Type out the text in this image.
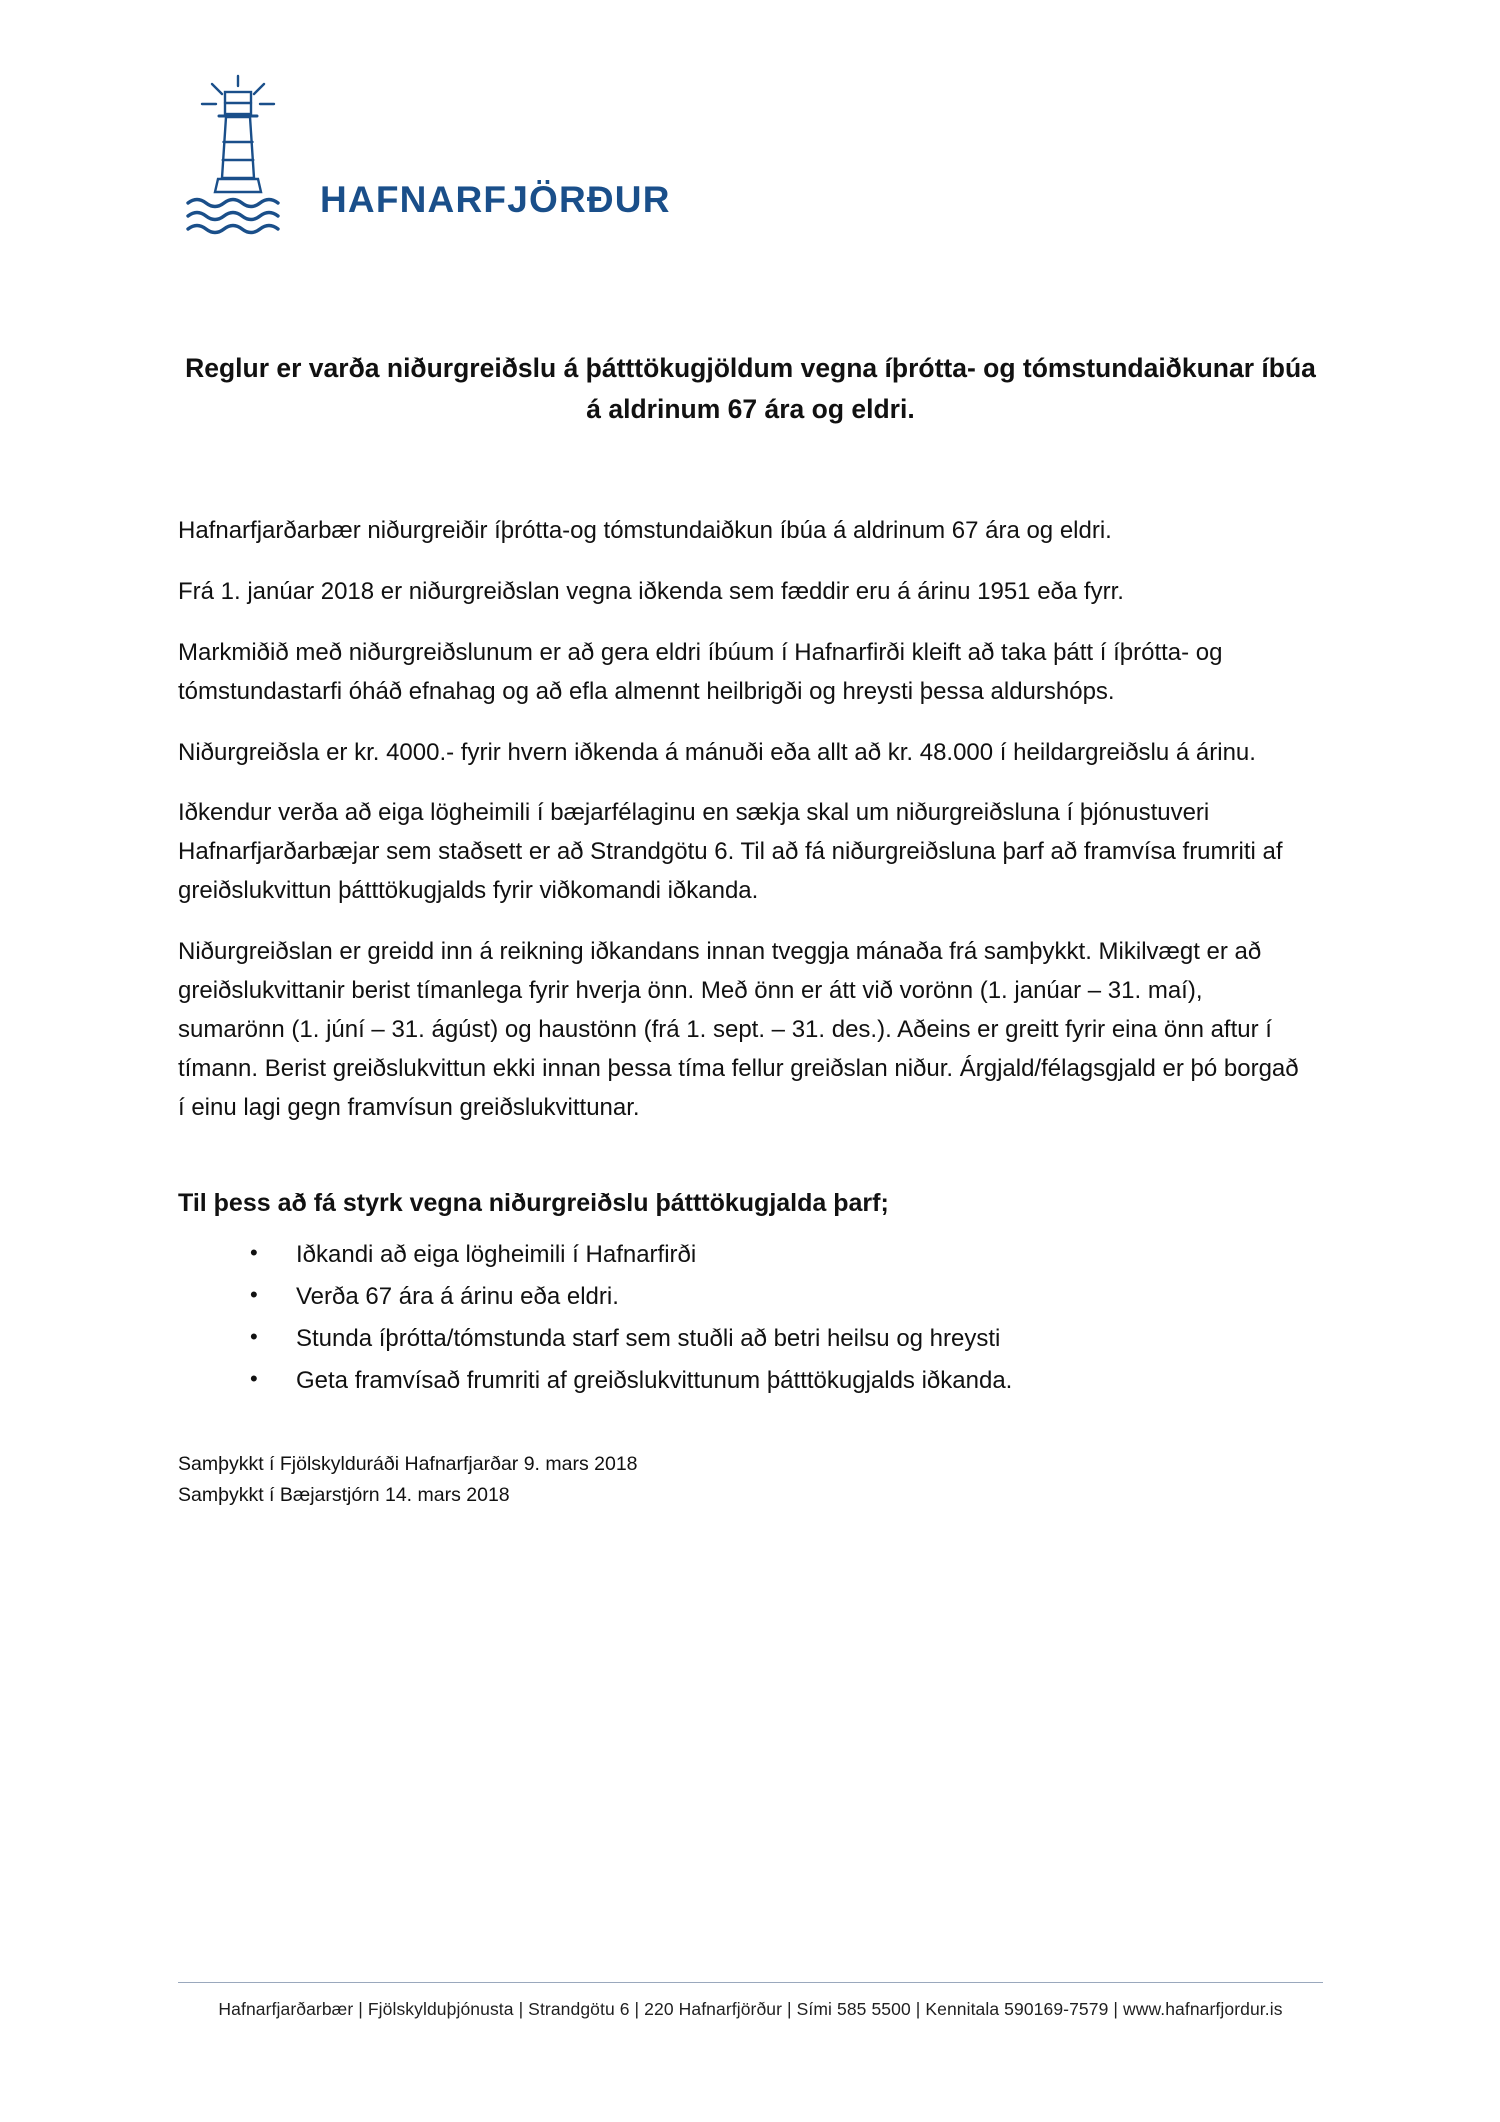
HAFNARFJÖRÐUR
Reglur er varða niðurgreiðslu á þátttökugjöldum vegna íþrótta- og tómstundaiðkunar íbúa á aldrinum 67 ára og eldri.

Hafnarfjarðarbær niðurgreiðir íþrótta-og tómstundaiðkun íbúa á aldrinum 67 ára og eldri.

Frá 1. janúar 2018 er niðurgreiðslan vegna iðkenda sem fæddir eru á árinu 1951 eða fyrr.

Markmiðið með niðurgreiðslunum er að gera eldri íbúum í Hafnarfirði kleift að taka þátt í íþrótta- og tómstundastarfi óháð efnahag og að efla almennt heilbrigði og hreysti þessa aldurshóps.

Niðurgreiðsla er kr. 4000.- fyrir hvern iðkenda á mánuði eða allt að kr. 48.000 í heildargreiðslu á árinu.

Iðkendur verða að eiga lögheimili í bæjarfélaginu en sækja skal um niðurgreiðsluna í þjónustuveri Hafnarfjarðarbæjar sem staðsett er að Strandgötu 6. Til að fá niðurgreiðsluna þarf að framvísa frumriti af greiðslukvittun þátttökugjalds fyrir viðkomandi iðkanda.

Niðurgreiðslan er greidd inn á reikning iðkandans innan tveggja mánaða frá samþykkt. Mikilvægt er að greiðslukvittanir berist tímanlega fyrir hverja önn. Með önn er átt við vorönn (1. janúar – 31. maí), sumarönn (1. júní – 31. ágúst) og haustönn (frá 1. sept. – 31. des.). Aðeins er greitt fyrir eina önn aftur í tímann. Berist greiðslukvittun ekki innan þessa tíma fellur greiðslan niður. Árgjald/félagsgjald er þó borgað í einu lagi gegn framvísun greiðslukvittunar.

Til þess að fá styrk vegna niðurgreiðslu þátttökugjalda þarf;
• Iðkandi að eiga lögheimili í Hafnarfirði
• Verða 67 ára á árinu eða eldri.
• Stunda íþrótta/tómstunda starf sem stuðli að betri heilsu og hreysti
• Geta framvísað frumriti af greiðslukvittunum þátttökugjalds iðkanda.
Samþykkt í Fjölskylduráði Hafnarfjarðar 9. mars 2018
Samþykkt í Bæjarstjórn 14. mars 2018
Hafnarfjarðarbær | Fjölskylduþjónusta | Strandgötu 6 | 220 Hafnarfjörður | Sími 585 5500 | Kennitala 590169-7579 | www.hafnarfjordur.is
